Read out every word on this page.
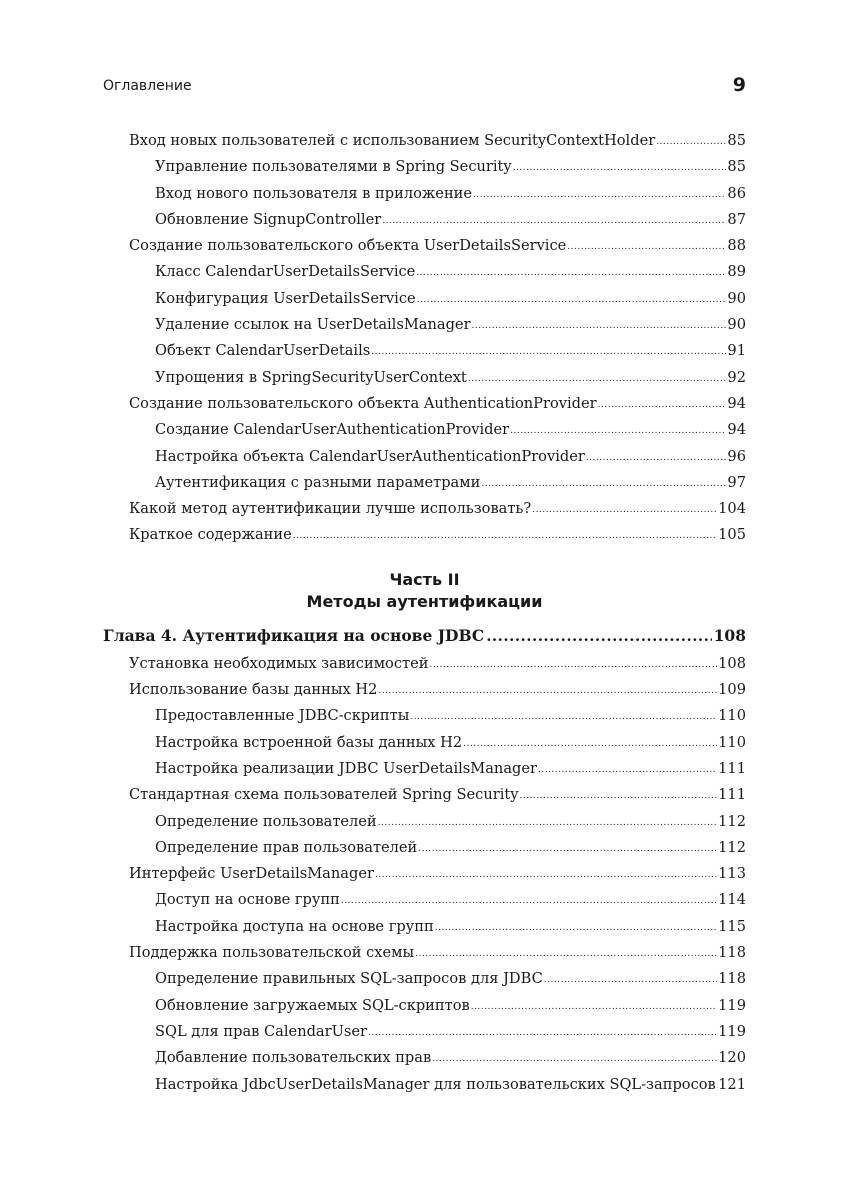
Оглавление	9
Вход новых пользователей с использованием SecurityContextHolder .....	85
Управление пользователями в Spring Security .....	85
Вход нового пользователя в приложение .....	86
Обновление SignupController .....	87
Создание пользовательского объекта UserDetailsService .....	88
Класс CalendarUserDetailsService .....	89
Конфигурация UserDetailsService .....	90
Удаление ссылок на UserDetailsManager .....	90
Объект CalendarUserDetails .....	91
Упрощения в SpringSecurityUserContext .....	92
Создание пользовательского объекта AuthenticationProvider .....	94
Создание CalendarUserAuthenticationProvider .....	94
Настройка объекта CalendarUserAuthenticationProvider .....	96
Аутентификация с разными параметрами .....	97
Какой метод аутентификации лучше использовать? .....	104
Краткое содержание .....	105
Часть II
Методы аутентификации
Глава 4. Аутентификация на основе JDBC .....	108
Установка необходимых зависимостей .....	108
Использование базы данных H2 .....	109
Предоставленные JDBC-скрипты .....	110
Настройка встроенной базы данных H2 .....	110
Настройка реализации JDBC UserDetailsManager .....	111
Стандартная схема пользователей Spring Security .....	111
Определение пользователей .....	112
Определение прав пользователей .....	112
Интерфейс UserDetailsManager .....	113
Доступ на основе групп .....	114
Настройка доступа на основе групп .....	115
Поддержка пользовательской схемы .....	118
Определение правильных SQL-запросов для JDBC .....	118
Обновление загружаемых SQL-скриптов .....	119
SQL для прав CalendarUser .....	119
Добавление пользовательских прав .....	120
Настройка JdbcUserDetailsManager для пользовательских SQL-запросов ..... 121
